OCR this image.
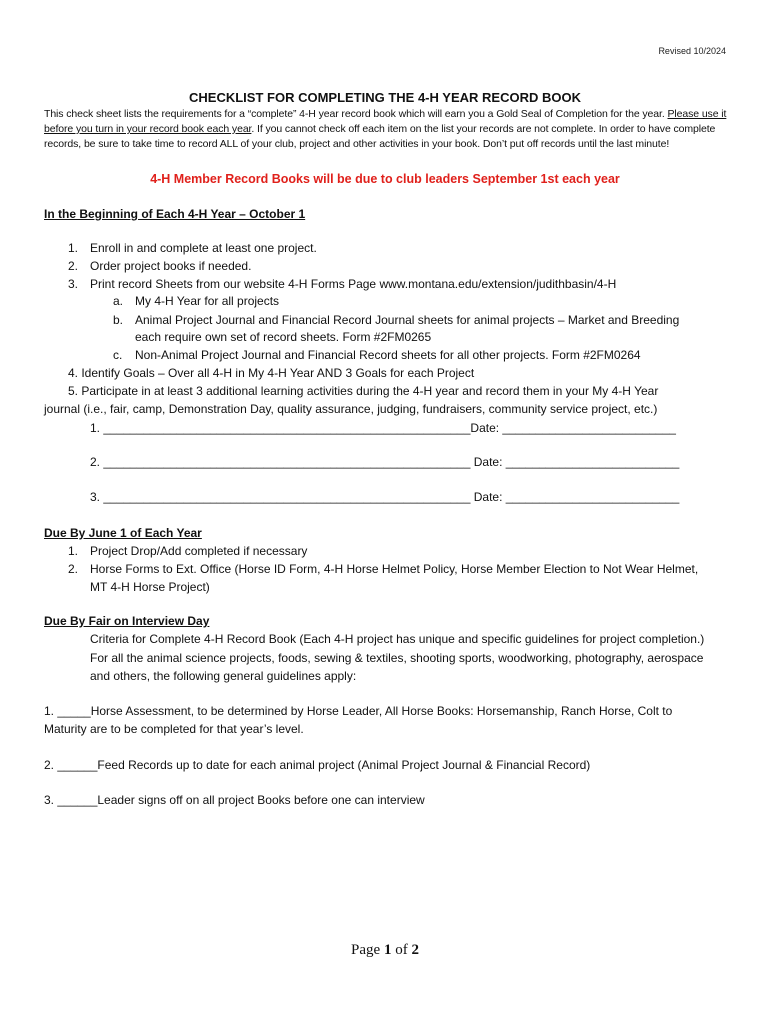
Revised 10/2024
CHECKLIST FOR COMPLETING THE 4-H YEAR RECORD BOOK
This check sheet lists the requirements for a “complete” 4-H year record book which will earn you a Gold Seal of Completion for the year. Please use it before you turn in your record book each year. If you cannot check off each item on the list your records are not complete. In order to have complete records, be sure to take time to record ALL of your club, project and other activities in your book. Don’t put off records until the last minute!
4-H Member Record Books will be due to club leaders September 1st each year
In the Beginning of Each 4-H Year – October 1
1. Enroll in and complete at least one project.
2. Order project books if needed.
3. Print record Sheets from our website 4-H Forms Page www.montana.edu/extension/judithbasin/4-H
a. My 4-H Year for all projects
b. Animal Project Journal and Financial Record Journal sheets for animal projects – Market and Breeding
each require own set of record sheets. Form #2FM0265
c. Non-Animal Project Journal and Financial Record sheets for all other projects. Form #2FM0264
4. Identify Goals – Over all 4-H in My 4-H Year AND 3 Goals for each Project
5. Participate in at least 3 additional learning activities during the 4-H year and record them in your My 4-H Year
journal (i.e., fair, camp, Demonstration Day, quality assurance, judging, fundraisers, community service project, etc.)
1. _______________________________________________________Date: __________________________
2. _______________________________________________________ Date: __________________________
3. _______________________________________________________ Date: __________________________
Due By June 1 of Each Year
1. Project Drop/Add completed if necessary
2. Horse Forms to Ext. Office (Horse ID Form, 4-H Horse Helmet Policy, Horse Member Election to Not Wear Helmet,
MT 4-H Horse Project)
Due By Fair on Interview Day
Criteria for Complete 4-H Record Book (Each 4-H project has unique and specific guidelines for project completion.)
For all the animal science projects, foods, sewing & textiles, shooting sports, woodworking, photography, aerospace
and others, the following general guidelines apply:
1. _____Horse Assessment, to be determined by Horse Leader, All Horse Books: Horsemanship, Ranch Horse, Colt to
Maturity are to be completed for that year’s level.
2. ______Feed Records up to date for each animal project (Animal Project Journal & Financial Record)
3. ______Leader signs off on all project Books before one can interview
Page 1 of 2
